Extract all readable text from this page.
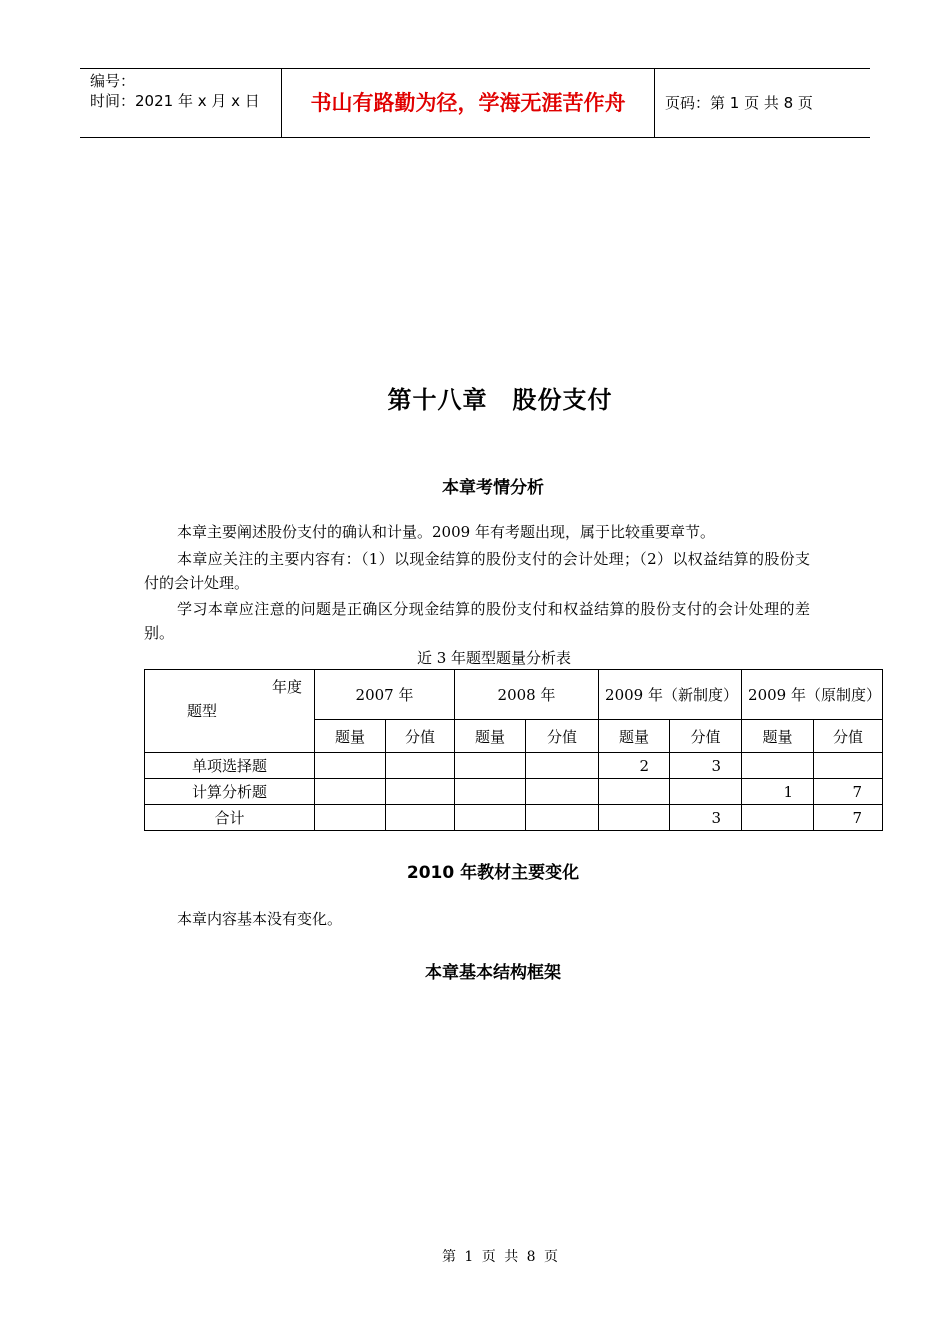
编号：
时间：2021 年 x 月 x 日	书山有路勤为径，学海无涯苦作舟	页码：第 1 页 共 8 页
第十八章　股份支付
本章考情分析
本章主要阐述股份支付的确认和计量。2009 年有考题出现，属于比较重要章节。
本章应关注的主要内容有：（1）以现金结算的股份支付的会计处理；（2）以权益结算的股份支付的会计处理。
学习本章应注意的问题是正确区分现金结算的股份支付和权益结算的股份支付的会计处理的差别。
近 3 年题型题量分析表
年度
题型	2007 年		2008 年		2009 年（新制度）		2009 年（原制度）	
	题量	分值	题量	分值	题量	分值	题量	分值
单项选择题					2	3		
计算分析题							1	7
合计						3		7
2010 年教材主要变化
本章内容基本没有变化。
本章基本结构框架
第 1 页 共 8 页
